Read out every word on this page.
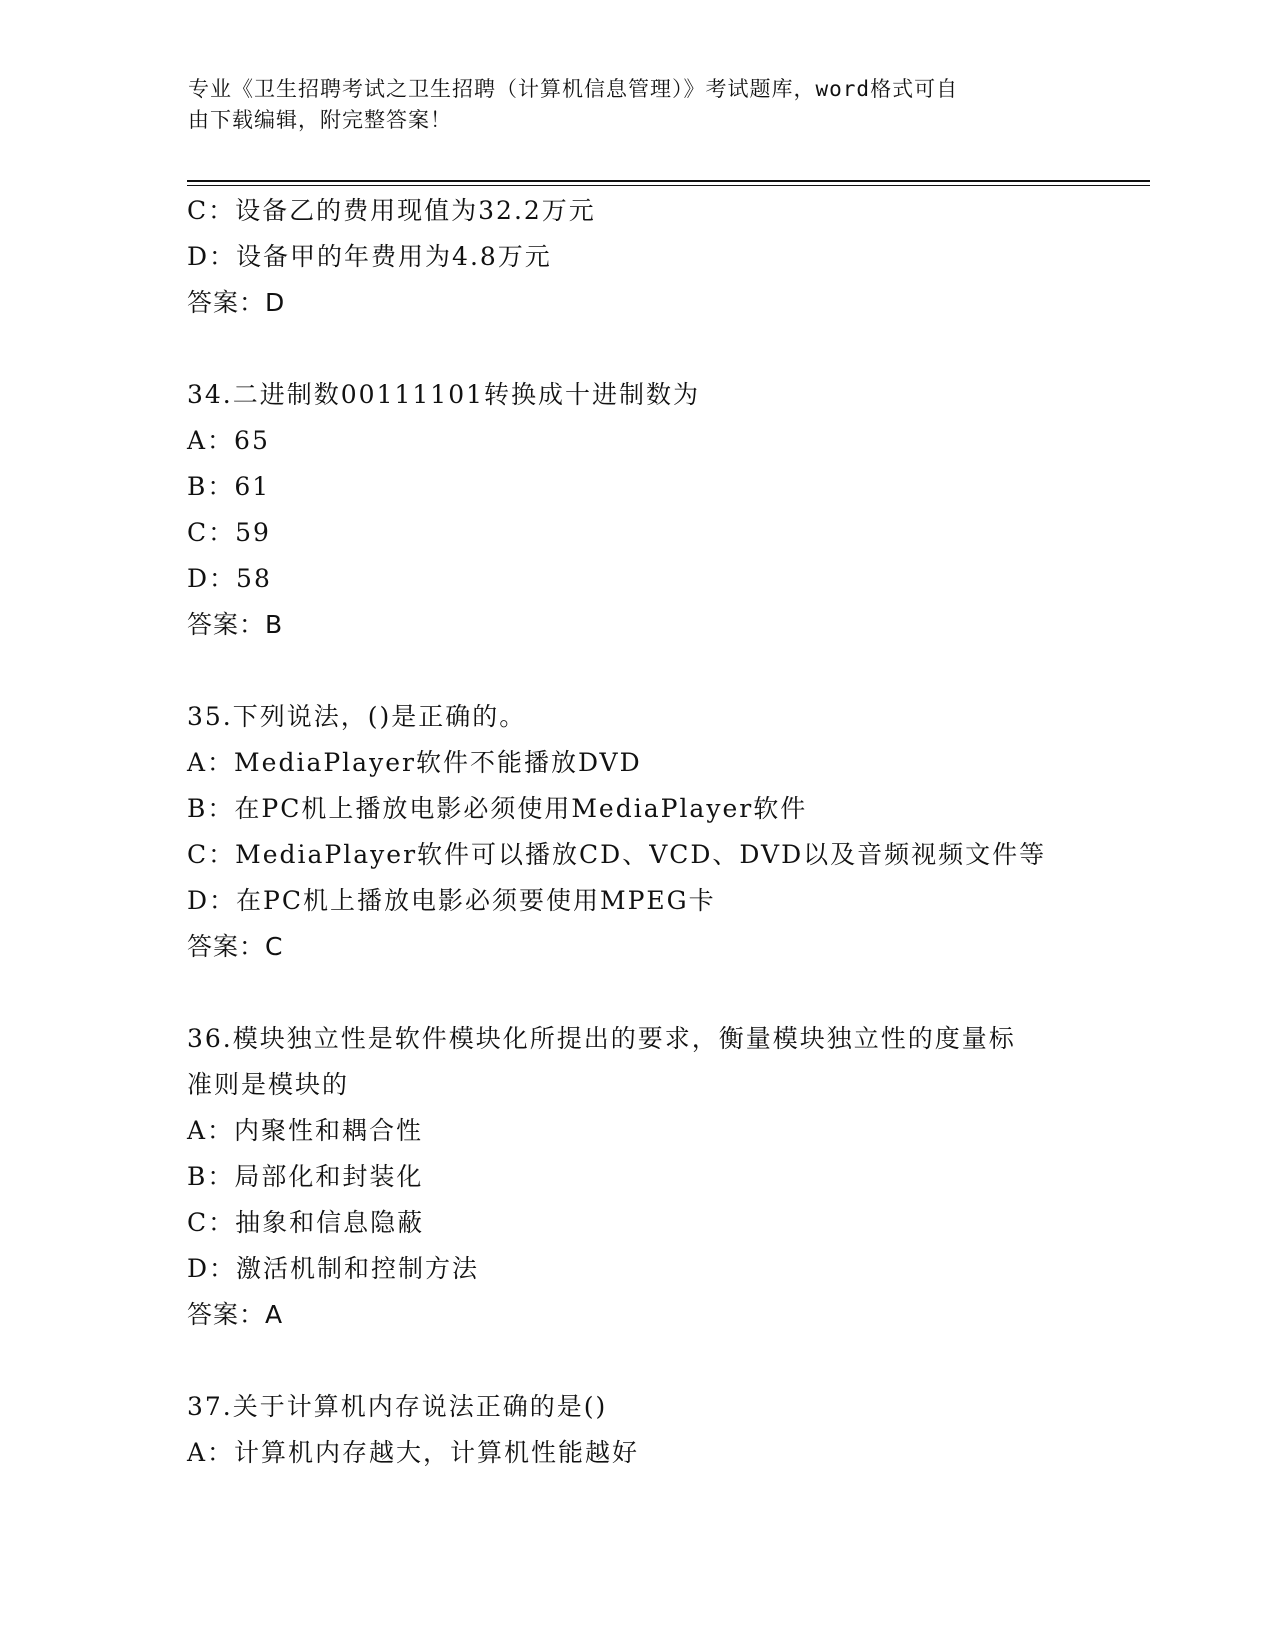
专业《卫生招聘考试之卫生招聘（计算机信息管理）》考试题库，word格式可自
由下载编辑，附完整答案！
C：设备乙的费用现值为32.2万元
D：设备甲的年费用为4.8万元
答案：D
34.二进制数00111101转换成十进制数为
A：65
B：61
C：59
D：58
答案：B
35.下列说法，()是正确的。
A：MediaPlayer软件不能播放DVD
B：在PC机上播放电影必须使用MediaPlayer软件
C：MediaPlayer软件可以播放CD、VCD、DVD以及音频视频文件等
D：在PC机上播放电影必须要使用MPEG卡
答案：C
36.模块独立性是软件模块化所提出的要求，衡量模块独立性的度量标
准则是模块的
A：内聚性和耦合性
B：局部化和封装化
C：抽象和信息隐蔽
D：激活机制和控制方法
答案：A
37.关于计算机内存说法正确的是()
A：计算机内存越大，计算机性能越好
